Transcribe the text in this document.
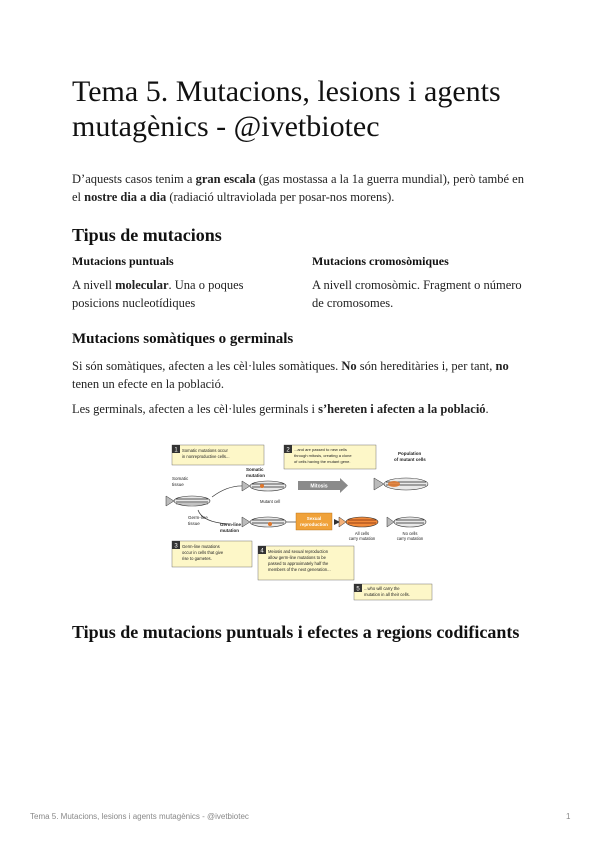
Tema 5. Mutacions, lesions i agents mutagènics - @ivetbiotec

D’aquests casos tenim a gran escala (gas mostassa a la 1a guerra mundial), però també en el nostre dia a dia (radiació ultraviolada per posar-nos morens).

Tipus de mutacions
Mutacions puntuals

A nivell molecular. Una o poques posicions nucleotídiques

Mutacions cromosòmiques

A nivell cromosòmic. Fragment o número de cromosomes.

Mutacions somàtiques o germinals

Si són somàtiques, afecten a les cèl·lules somàtiques. No són hereditàries i, per tant, no tenen un efecte en la població.

Les germinals, afecten a les cèl·lules germinals i s’hereten i afecten a la població.

1 Somatic mutations occur
in nonreproductive cells...
2 ...and are passed to new cells
through mitosis, creating a clone
of cells having the mutant gene.
Population
of mutant cells
Somatic
tissue
Somatic
mutation
Mutant cell
Mitosis
Germ-line
tissue	Germ-line
mutation
Sexual
reproduction
All cells
carry mutation
No cells
carry mutation
3 Germ-line mutations
occur in cells that give
rise to gametes.
4 Meiosis and sexual reproduction
allow germ-line mutations to be
passed to approximately half the
members of the next generation...
5 ...who will carry the
mutation in all their cells.
Tipus de mutacions puntuals i efectes a regions codificants
Tema 5. Mutacions, lesions i agents mutagènics - @ivetbiotec	1
